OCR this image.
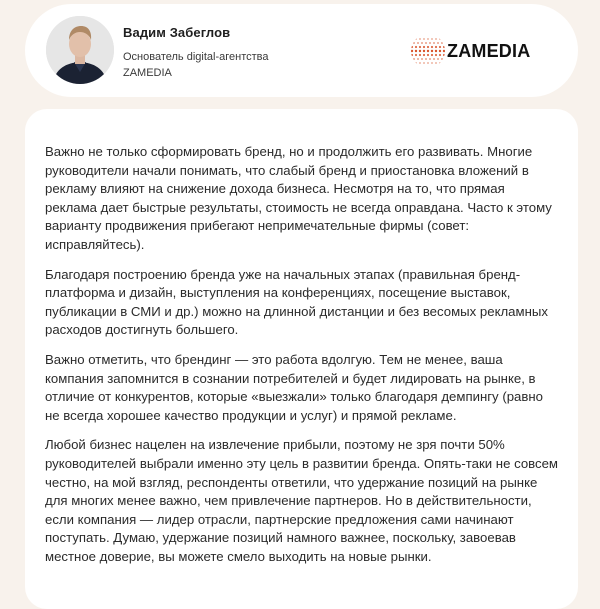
Вадим Забеглов
Основатель digital-агентства
ZAMEDIA
ZAMEDIA

Важно не только сформировать бренд, но и продолжить его развивать. Многие руководители начали понимать, что слабый бренд и приостановка вложений в рекламу влияют на снижение дохода бизнеса. Несмотря на то, что прямая реклама дает быстрые результаты, стоимость не всегда оправдана. Часто к этому варианту продвижения прибегают непримечательные фирмы (совет: исправляйтесь).

Благодаря построению бренда уже на начальных этапах (правильная бренд-платформа и дизайн, выступления на конференциях, посещение выставок, публикации в СМИ и др.) можно на длинной дистанции и без весомых рекламных расходов достигнуть большего.

Важно отметить, что брендинг — это работа вдолгую. Тем не менее, ваша компания запомнится в сознании потребителей и будет лидировать на рынке, в отличие от конкурентов, которые «выезжали» только благодаря демпингу (равно не всегда хорошее качество продукции и услуг) и прямой рекламе.

Любой бизнес нацелен на извлечение прибыли, поэтому не зря почти 50% руководителей выбрали именно эту цель в развитии бренда. Опять-таки не совсем честно, на мой взгляд, респонденты ответили, что удержание позиций на рынке для многих менее важно, чем привлечение партнеров. Но в действительности, если компания — лидер отрасли, партнерские предложения сами начинают поступать. Думаю, удержание позиций намного важнее, поскольку, завоевав местное доверие, вы можете смело выходить на новые рынки.
